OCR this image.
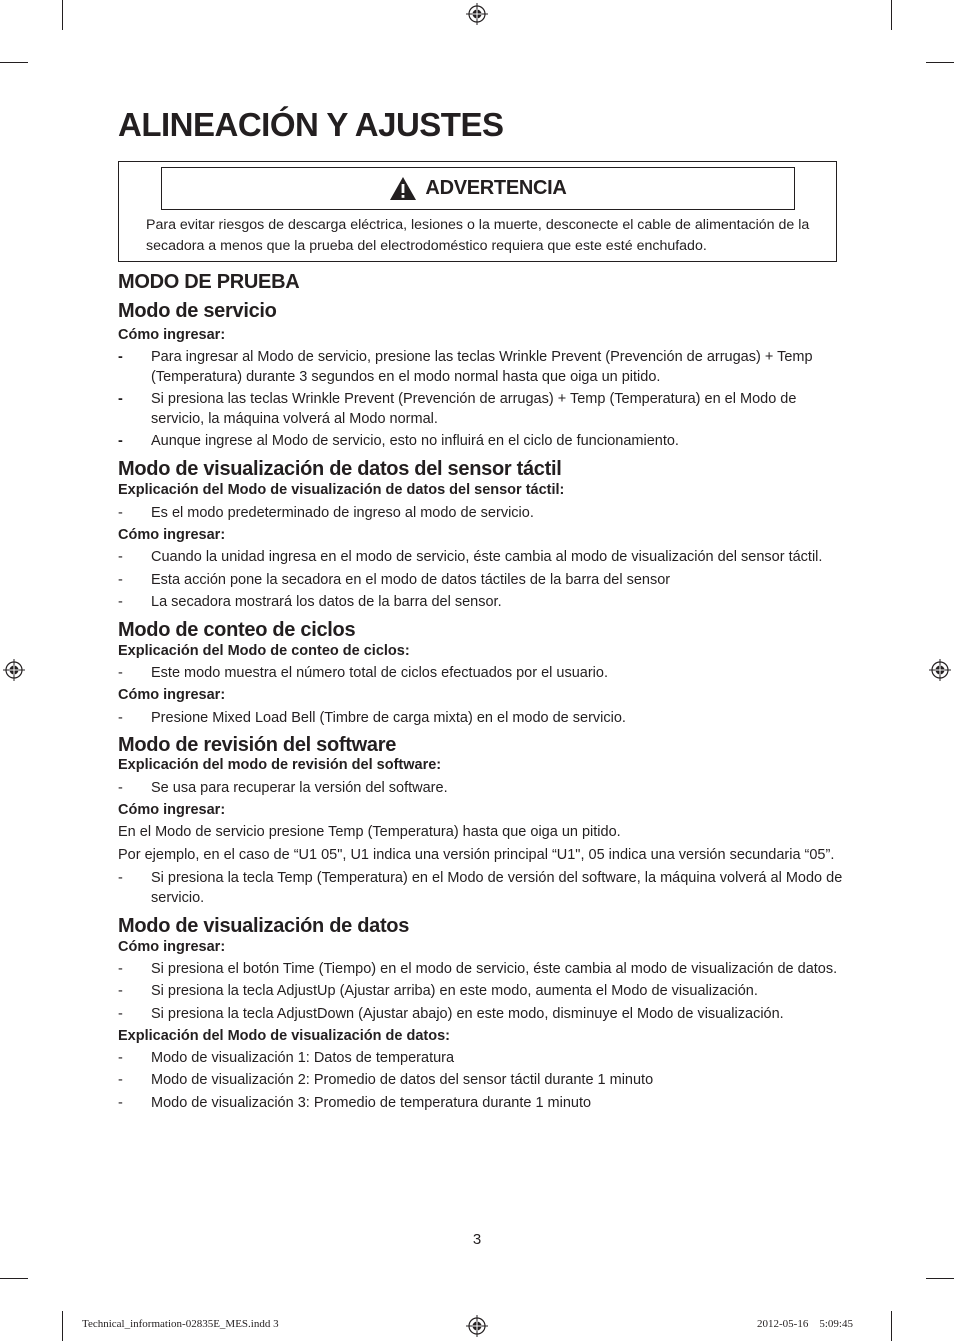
ALINEACIÓN Y AJUSTES
ADVERTENCIA
Para evitar riesgos de descarga eléctrica, lesiones o la muerte, desconecte el cable de alimentación de la secadora a menos que la prueba del electrodoméstico requiera que este esté enchufado.
MODO DE PRUEBA
Modo de servicio
Cómo ingresar:
- Para ingresar al Modo de servicio, presione las teclas Wrinkle Prevent (Prevención de arrugas) + Temp (Temperatura) durante 3 segundos en el modo normal hasta que oiga un pitido.
- Si presiona las teclas Wrinkle Prevent (Prevención de arrugas) + Temp (Temperatura) en el Modo de servicio, la máquina volverá al Modo normal.
- Aunque ingrese al Modo de servicio, esto no influirá en el ciclo de funcionamiento.
Modo de visualización de datos del sensor táctil
Explicación del Modo de visualización de datos del sensor táctil:
- Es el modo predeterminado de ingreso al modo de servicio.
Cómo ingresar:
- Cuando la unidad ingresa en el modo de servicio, éste cambia al modo de visualización del sensor táctil.
- Esta acción pone la secadora en el modo de datos táctiles de la barra del sensor
- La secadora mostrará los datos de la barra del sensor.
Modo de conteo de ciclos
Explicación del Modo de conteo de ciclos:
- Este modo muestra el número total de ciclos efectuados por el usuario.
Cómo ingresar:
- Presione Mixed Load Bell (Timbre de carga mixta) en el modo de servicio.
Modo de revisión del software
Explicación del modo de revisión del software:
- Se usa para recuperar la versión del software.
Cómo ingresar:

En el Modo de servicio presione Temp (Temperatura) hasta que oiga un pitido.

Por ejemplo, en el caso de “U1 05", U1 indica una versión principal “U1", 05 indica una versión secundaria “05”.

- Si presiona la tecla Temp (Temperatura) en el Modo de versión del software, la máquina volverá al Modo de servicio.
Modo de visualización de datos
Cómo ingresar:
- Si presiona el botón Time (Tiempo) en el modo de servicio, éste cambia al modo de visualización de datos.
- Si presiona la tecla AdjustUp (Ajustar arriba) en este modo, aumenta el Modo de visualización.
- Si presiona la tecla AdjustDown (Ajustar abajo) en este modo, disminuye el Modo de visualización.
Explicación del Modo de visualización de datos:
- Modo de visualización 1: Datos de temperatura
- Modo de visualización 2: Promedio de datos del sensor táctil durante 1 minuto
- Modo de visualización 3: Promedio de temperatura durante 1 minuto
3
Technical_information-02835E_MES.indd 3	2012-05-16    5:09:45
